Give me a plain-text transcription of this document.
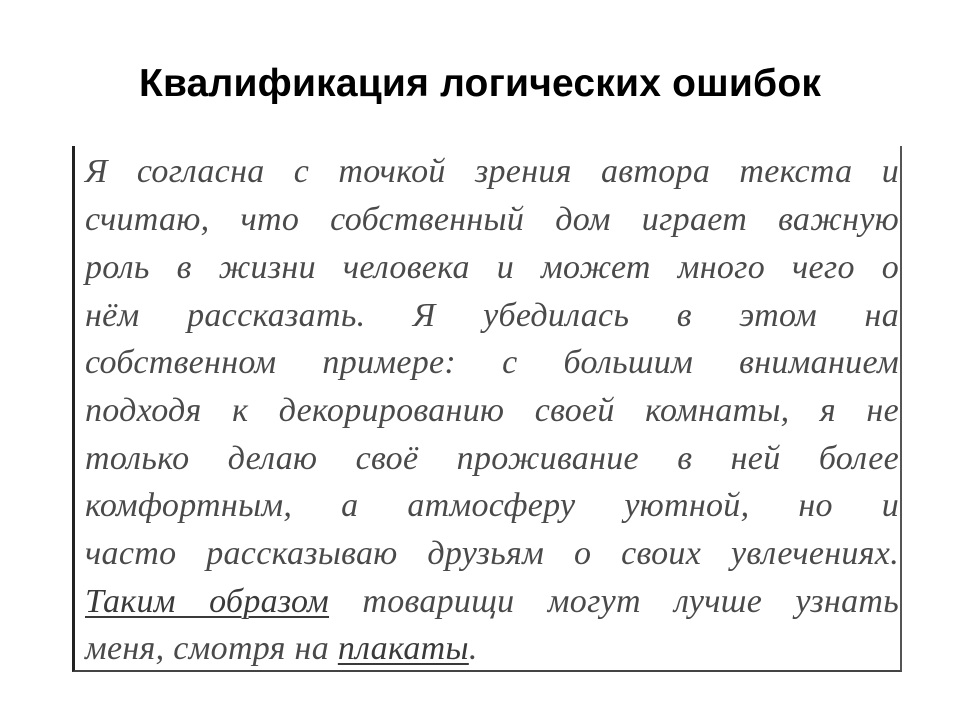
Квалификация логических ошибок
Я согласна с точкой зрения автора текста и
считаю, что собственный дом играет важную
роль в жизни человека и может много чего о
нём рассказать. Я убедилась в этом на
собственном примере: с большим вниманием
подходя к декорированию своей комнаты, я не
только делаю своё проживание в ней более
комфортным, а атмосферу уютной, но и
часто рассказываю друзьям о своих увлечениях.
Таким образом товарищи могут лучше узнать
меня, смотря на плакаты.
